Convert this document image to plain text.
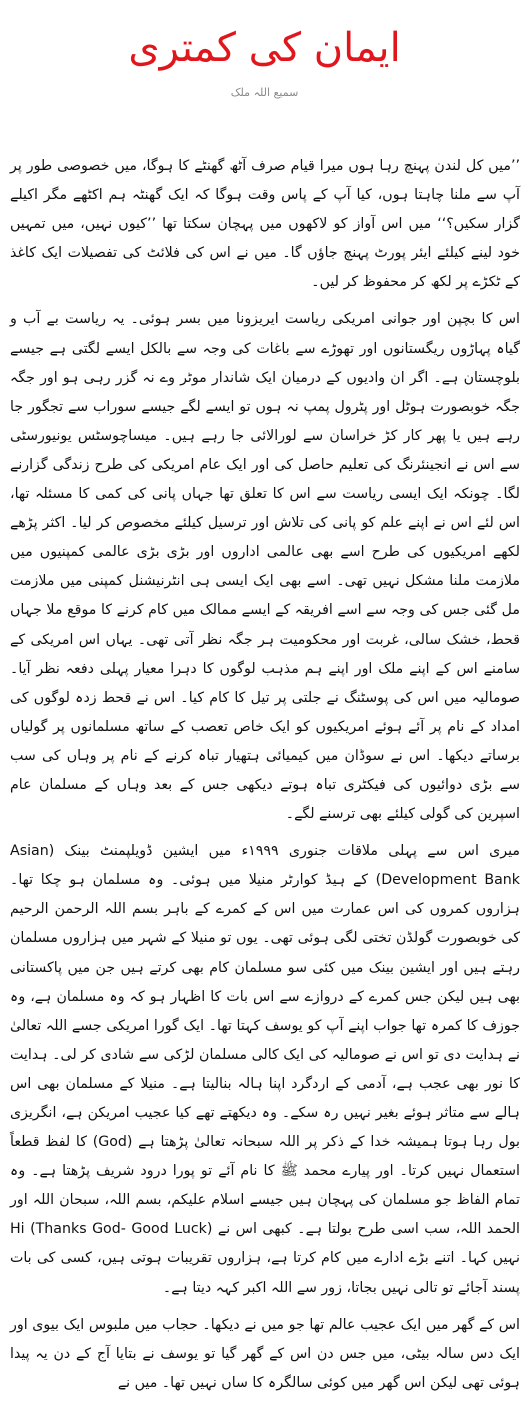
ایمان کی کمتری
سمیع اللہ ملک

’’میں کل لندن پہنچ رہا ہوں میرا قیام صرف آٹھ گھنٹے کا ہوگا، میں خصوصی طور پر آپ سے ملنا چاہتا ہوں، کیا آپ کے پاس وقت ہوگا کہ ایک گھنٹہ ہم اکٹھے مگر اکیلے گزار سکیں؟‘‘ میں اس آواز کو لاکھوں میں پہچان سکتا تھا ’’کیوں نہیں، میں تمہیں خود لینے کیلئے ایئر پورٹ پہنچ جاؤں گا۔ میں نے اس کی فلائٹ کی تفصیلات ایک کاغذ کے ٹکڑے پر لکھ کر محفوظ کر لیں۔

اس کا بچپن اور جوانی امریکی ریاست ایریزونا میں بسر ہوئی۔ یہ ریاست بے آب و گیاہ پہاڑوں ریگستانوں اور تھوڑے سے باغات کی وجہ سے بالکل ایسے لگتی ہے جیسے بلوچستان ہے۔ اگر ان وادیوں کے درمیان ایک شاندار موٹر وے نہ گزر رہی ہو اور جگہ جگہ خوبصورت ہوٹل اور پٹرول پمپ نہ ہوں تو ایسے لگے جیسے سوراب سے تجگور جا رہے ہیں یا پھر کار کڑ خراسان سے لورالائی جا رہے ہیں۔ میساچوسٹس یونیورسٹی سے اس نے انجینئرنگ کی تعلیم حاصل کی اور ایک عام امریکی کی طرح زندگی گزارنے لگا۔ چونکہ ایک ایسی ریاست سے اس کا تعلق تھا جہاں پانی کی کمی کا مسئلہ تھا، اس لئے اس نے اپنے علم کو پانی کی تلاش اور ترسیل کیلئے مخصوص کر لیا۔ اکثر پڑھے لکھے امریکیوں کی طرح اسے بھی عالمی اداروں اور بڑی بڑی عالمی کمپنیوں میں ملازمت ملنا مشکل نہیں تھی۔ اسے بھی ایک ایسی ہی انٹرنیشنل کمپنی میں ملازمت مل گئی جس کی وجہ سے اسے افریقہ کے ایسے ممالک میں کام کرنے کا موقع ملا جہاں قحط، خشک سالی، غربت اور محکومیت ہر جگہ نظر آتی تھی۔ یہاں اس امریکی کے سامنے اس کے اپنے ملک اور اپنے ہم مذہب لوگوں کا دہرا معیار پہلی دفعہ نظر آیا۔ صومالیہ میں اس کی پوسٹنگ نے جلتی پر تیل کا کام کیا۔ اس نے قحط زدہ لوگوں کی امداد کے نام پر آئے ہوئے امریکیوں کو ایک خاص تعصب کے ساتھ مسلمانوں پر گولیاں برساتے دیکھا۔ اس نے سوڈان میں کیمیائی ہتھیار تباہ کرنے کے نام پر وہاں کی سب سے بڑی دوائیوں کی فیکٹری تباہ ہوتے دیکھی جس کے بعد وہاں کے مسلمان عام اسپرین کی گولی کیلئے بھی ترسنے لگے۔

میری اس سے پہلی ملاقات جنوری ۱۹۹۹ء میں ایشین ڈویلپمنٹ بینک (Asian Development Bank) کے ہیڈ کوارٹر منیلا میں ہوئی۔ وہ مسلمان ہو چکا تھا۔ ہزاروں کمروں کی اس عمارت میں اس کے کمرے کے باہر بسم اللہ الرحمن الرحیم کی خوبصورت گولڈن تختی لگی ہوئی تھی۔ یوں تو منیلا کے شہر میں ہزاروں مسلمان رہتے ہیں اور ایشین بینک میں کئی سو مسلمان کام بھی کرتے ہیں جن میں پاکستانی بھی ہیں لیکن جس کمرے کے دروازے سے اس بات کا اظہار ہو کہ وہ مسلمان ہے، وہ جوزف کا کمرہ تھا جواب اپنے آپ کو یوسف کہتا تھا۔ ایک گورا امریکی جسے اللہ تعالیٰ نے ہدایت دی تو اس نے صومالیہ کی ایک کالی مسلمان لڑکی سے شادی کر لی۔ ہدایت کا نور بھی عجب ہے، آدمی کے اردگرد اپنا ہالہ بنالیتا ہے۔ منیلا کے مسلمان بھی اس ہالے سے متاثر ہوئے بغیر نہیں رہ سکے۔ وہ دیکھتے تھے کیا عجیب امریکن ہے، انگریزی بول رہا ہوتا ہمیشہ خدا کے ذکر پر اللہ سبحانہ تعالیٰ پڑھتا ہے (God) کا لفظ قطعاً استعمال نہیں کرتا۔ اور پیارے محمد ﷺ کا نام آئے تو پورا درود شریف پڑھتا ہے۔ وہ تمام الفاظ جو مسلمان کی پہچان ہیں جیسے اسلام علیکم، بسم اللہ، سبحان اللہ اور الحمد اللہ، سب اسی طرح بولتا ہے۔ کبھی اس نے Hi (Thanks God- Good Luck) نہیں کہا۔ اتنے بڑے ادارے میں کام کرتا ہے، ہزاروں تقریبات ہوتی ہیں، کسی کی بات پسند آجائے تو تالی نہیں بجاتا، زور سے اللہ اکبر کہہ دیتا ہے۔

اس کے گھر میں ایک عجیب عالم تھا جو میں نے دیکھا۔ حجاب میں ملبوس ایک بیوی اور ایک دس سالہ بیٹی، میں جس دن اس کے گھر گیا تو یوسف نے بتایا آج کے دن یہ پیدا ہوئی تھی لیکن اس گھر میں کوئی سالگرہ کا ساں نہیں تھا۔ میں نے
